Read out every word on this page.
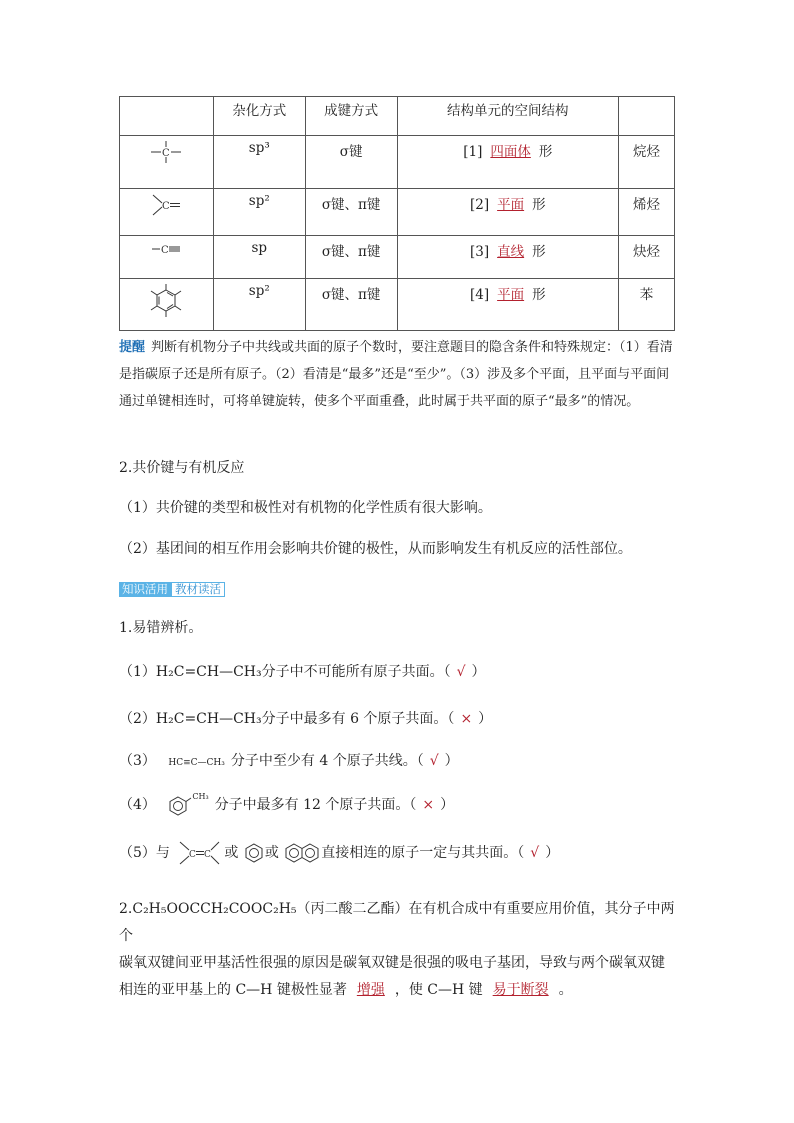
	杂化方式	成键方式	结构单元的空间结构	

C	sp³	σ键	[1] 四面体 形	烷烃

C	sp²	σ键、π键	[2] 平面 形	烯烃

C	sp	σ键、π键	[3] 直线 形	炔烃
	sp²	σ键、π键	[4] 平面 形	苯
提醒 判断有机物分子中共线或共面的原子个数时，要注意题目的隐含条件和特殊规定：（1）看清是指碳原子还是所有原子。（2）看清是“最多”还是“至少”。（3）涉及多个平面，且平面与平面间通过单键相连时，可将单键旋转，使多个平面重叠，此时属于共平面的原子“最多”的情况。
2.共价键与有机反应
（1）共价键的类型和极性对有机物的化学性质有很大影响。
（2）基团间的相互作用会影响共价键的极性，从而影响发生有机反应的活性部位。
知识活用 教材读活
1.易错辨析。
（1）H₂C=CH—CH₃分子中不可能所有原子共面。（ √ ）
（2）H₂C=CH—CH₃分子中最多有 6 个原子共面。（ × ）
（3） HC≡C—CH₃ 分子中至少有 4 个原子共线。（ √ ）
（4） $^{CH_3}$分子中最多有 12 个原子共面。（ × ）
（5）与 C C 或 或	直接相连的原子一定与其共面。（ √ ）
2.C₂H₅OOCCH₂COOC₂H₅（丙二酸二乙酯）在有机合成中有重要应用价值，其分子中两个
碳氧双键间亚甲基活性很强的原因是碳氧双键是很强的吸电子基团，导致与两个碳氧双键
相连的亚甲基上的 C—H 键极性显著 增强 ，使 C—H 键 易于断裂 。
